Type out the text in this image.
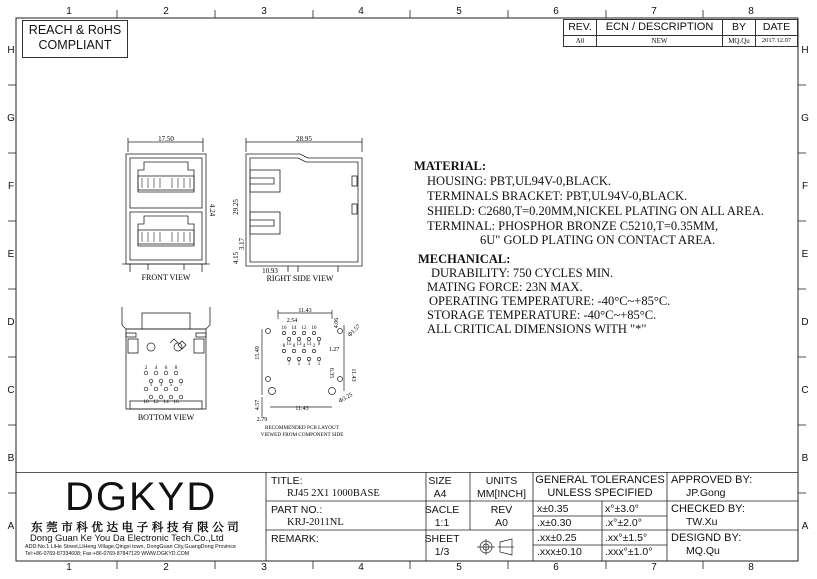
1
1
2
2
3
3
4
4
5
5
6
6
7
7
8
8
H	H
G	G
F	F
E	E
D	D
C	C
B	B
A	A
REACH & RoHS
COMPLIANT
REV.	ECN / DESCRIPTION	BY	DATE
A0	NEW	MQ.Qu	2017.12.07
17.50
4.24
FRONT VIEW
28.95
29.25
3.17
4.15
10.93
RIGHT SIDE VIEW
2 4 6 8
1 3 5 7
10 12 14 16
BOTTOM VIEW
16 14 12 10
15 13 11 9
8 6 4 2
7 5 3 1
11.43
2.54	4.06
Φ1.57
15.49
11.43
6.35
1.27
4.57	11.43
2.79
Φ3.25
RECOMMENDED PCB LAYOUT
VIEWED FROM COMPONENT SIDE
MATERIAL:
HOUSING: PBT,UL94V-0,BLACK.
TERMINALS BRACKET: PBT,UL94V-0,BLACK.
SHIELD: C2680,T=0.20MM,NICKEL PLATING ON ALL AREA.
TERMINAL: PHOSPHOR BRONZE C5210,T=0.35MM,
6U" GOLD PLATING ON CONTACT AREA.
MECHANICAL:
DURABILITY: 750 CYCLES MIN.
MATING FORCE: 23N MAX.
OPERATING TEMPERATURE: -40°C~+85°C.
STORAGE TEMPERATURE: -40°C~+85°C.
ALL CRITICAL DIMENSIONS WITH "*"
DGKYD
东莞市科优达电子科技有限公司
Dong Guan Ke You Da Electronic Tech.Co.,Ltd
ADD:No.1 LiHe Street,LiHeng Village,Qingxi town, DongGuan City,GuangDong Province
Tel:+86-0769-87334608; Fax:+86-0769-87847129 WWW.DGKYD.COM
TITLE:
RJ45 2X1 1000BASE
PART NO.:
KRJ-2011NL
REMARK:
SIZE
A4
UNITS
MM[INCH]
SACLE
1:1
REV
A0
SHEET
1/3
GENERAL TOLERANCES
UNLESS SPECIFIED
x±0.35	x°±3.0°
.x±0.30	.x°±2.0°
.xx±0.25	.xx°±1.5°
.xxx±0.10 .xxx°±1.0°
APPROVED BY:
JP.Gong
CHECKED BY:
TW.Xu
DESIGND BY:
MQ.Qu
